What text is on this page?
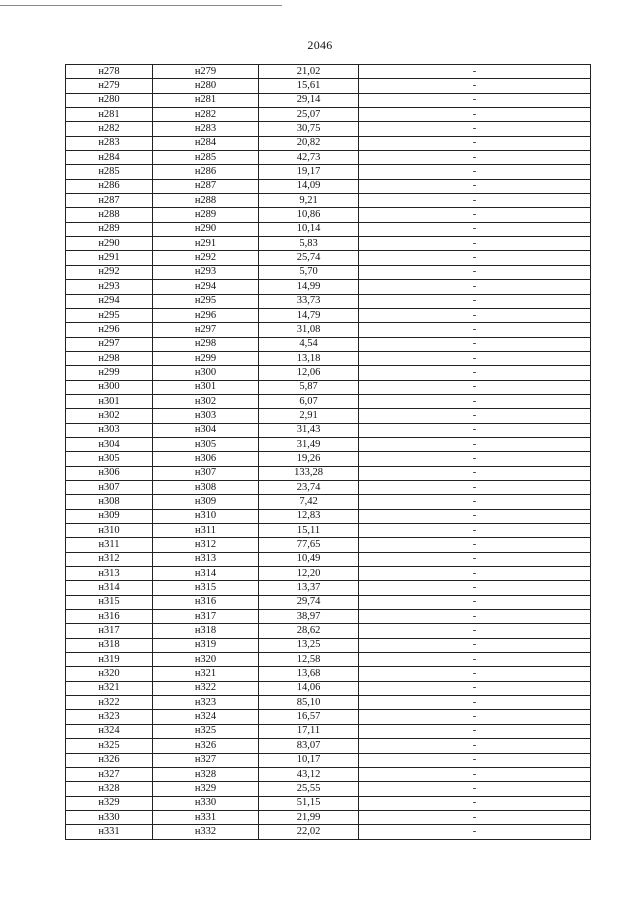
2046
н278	н279	21,02	-
н279	н280	15,61	-
н280	н281	29,14	-
н281	н282	25,07	-
н282	н283	30,75	-
н283	н284	20,82	-
н284	н285	42,73	-
н285	н286	19,17	-
н286	н287	14,09	-
н287	н288	9,21	-
н288	н289	10,86	-
н289	н290	10,14	-
н290	н291	5,83	-
н291	н292	25,74	-
н292	н293	5,70	-
н293	н294	14,99	-
н294	н295	33,73	-
н295	н296	14,79	-
н296	н297	31,08	-
н297	н298	4,54	-
н298	н299	13,18	-
н299	н300	12,06	-
н300	н301	5,87	-
н301	н302	6,07	-
н302	н303	2,91	-
н303	н304	31,43	-
н304	н305	31,49	-
н305	н306	19,26	-
н306	н307	133,28	-
н307	н308	23,74	-
н308	н309	7,42	-
н309	н310	12,83	-
н310	н311	15,11	-
н311	н312	77,65	-
н312	н313	10,49	-
н313	н314	12,20	-
н314	н315	13,37	-
н315	н316	29,74	-
н316	н317	38,97	-
н317	н318	28,62	-
н318	н319	13,25	-
н319	н320	12,58	-
н320	н321	13,68	-
н321	н322	14,06	-
н322	н323	85,10	-
н323	н324	16,57	-
н324	н325	17,11	-
н325	н326	83,07	-
н326	н327	10,17	-
н327	н328	43,12	-
н328	н329	25,55	-
н329	н330	51,15	-
н330	н331	21,99	-
н331	н332	22,02	-
